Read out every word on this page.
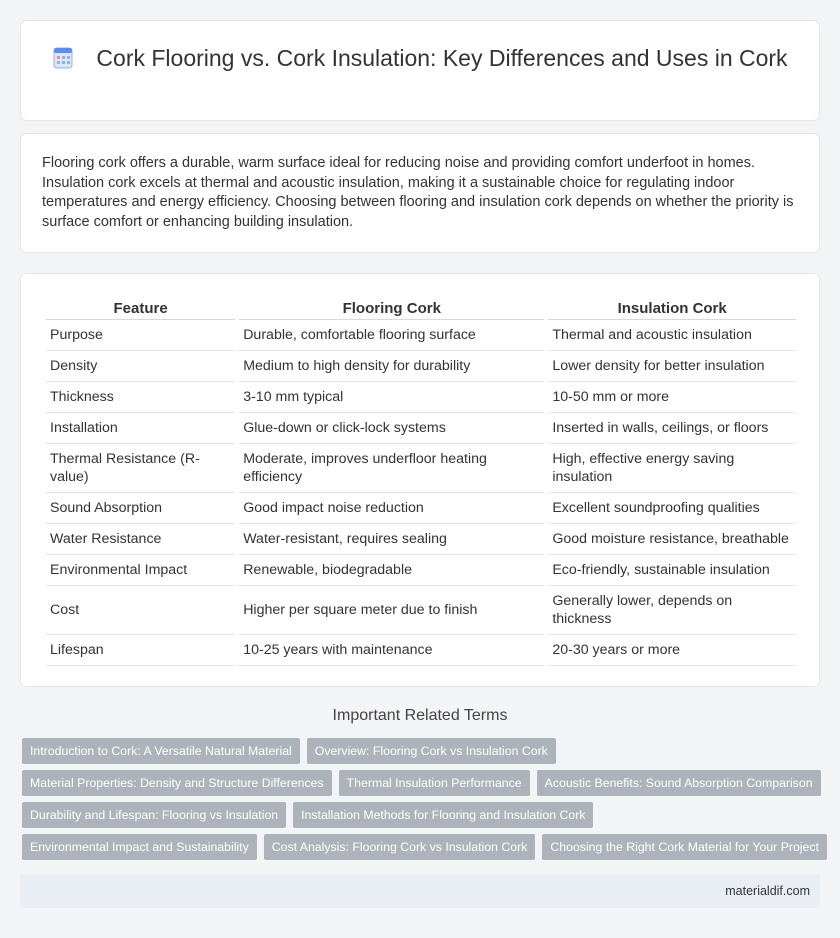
Cork Flooring vs. Cork Insulation: Key Differences and Uses in Cork

Flooring cork offers a durable, warm surface ideal for reducing noise and providing comfort underfoot in homes. Insulation cork excels at thermal and acoustic insulation, making it a sustainable choice for regulating indoor temperatures and energy efficiency. Choosing between flooring and insulation cork depends on whether the priority is surface comfort or enhancing building insulation.

Feature	Flooring Cork	Insulation Cork
Purpose	Durable, comfortable flooring surface	Thermal and acoustic insulation
Density	Medium to high density for durability	Lower density for better insulation
Thickness	3-10 mm typical	10-50 mm or more
Installation	Glue-down or click-lock systems	Inserted in walls, ceilings, or floors
Thermal Resistance (R-value)	Moderate, improves underfloor heating efficiency	High, effective energy saving insulation
Sound Absorption	Good impact noise reduction	Excellent soundproofing qualities
Water Resistance	Water-resistant, requires sealing	Good moisture resistance, breathable
Environmental Impact	Renewable, biodegradable	Eco-friendly, sustainable insulation
Cost	Higher per square meter due to finish	Generally lower, depends on thickness
Lifespan	10-25 years with maintenance	20-30 years or more
Important Related Terms
Introduction to Cork: A Versatile Natural Material	Overview: Flooring Cork vs Insulation Cork
Material Properties: Density and Structure Differences	Thermal Insulation Performance	Acoustic Benefits: Sound Absorption Comparison
Durability and Lifespan: Flooring vs Insulation	Installation Methods for Flooring and Insulation Cork
Environmental Impact and Sustainability	Cost Analysis: Flooring Cork vs Insulation Cork	Choosing the Right Cork Material for Your Project
materialdif.com
